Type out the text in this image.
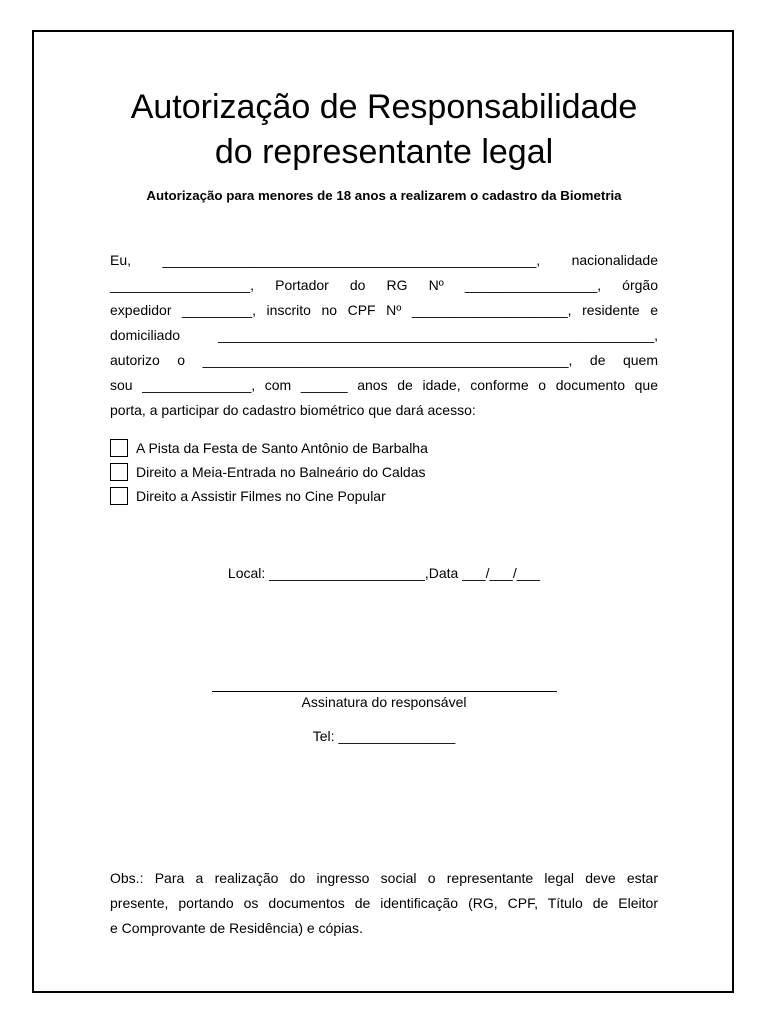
Autorização de Responsabilidade
do representante legal
Autorização para menores de 18 anos a realizarem o cadastro da Biometria
Eu, ________________________________________________, nacionalidade
__________________, Portador do RG Nº _________________, órgão
expedidor _________, inscrito no CPF Nº ____________________, residente e
domiciliado ________________________________________________________,
autorizo o _______________________________________________, de quem
sou ______________, com ______ anos de idade, conforme o documento que
porta, a participar do cadastro biométrico que dará acesso:
A Pista da Festa de Santo Antônio de Barbalha
Direito a Meia-Entrada no Balneário do Caldas
Direito a Assistir Filmes no Cine Popular
Local: ____________________,Data ___/___/___
Assinatura do responsável
Tel: _______________
Obs.: Para a realização do ingresso social o representante legal deve estar
presente, portando os documentos de identificação (RG, CPF, Título de Eleitor
e Comprovante de Residência) e cópias.
